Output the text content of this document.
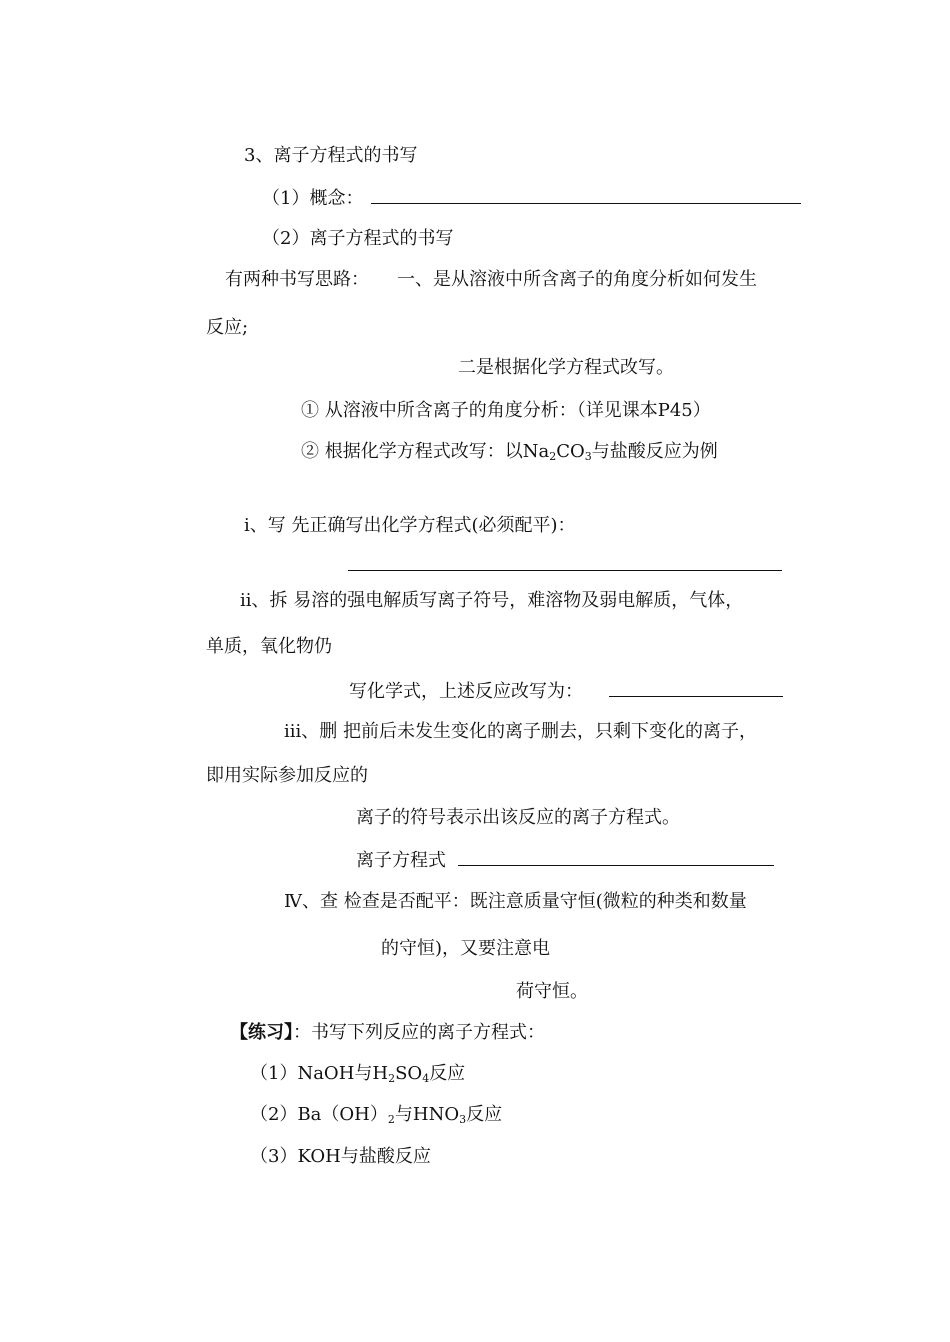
3、离子方程式的书写
（1）概念：
（2）离子方程式的书写
有两种书写思路： 一、是从溶液中所含离子的角度分析如何发生
反应;
二是根据化学方程式改写。
① 从溶液中所含离子的角度分析：（详见课本P45）
② 根据化学方程式改写：以$Na_2CO_3$与盐酸反应为例
i、写 先正确写出化学方程式(必须配平)：
ii、拆 易溶的强电解质写离子符号，难溶物及弱电解质，气体，
单质，氧化物仍
写化学式，上述反应改写为：
iii、删 把前后未发生变化的离子删去，只剩下变化的离子，
即用实际参加反应的
离子的符号表示出该反应的离子方程式。
离子方程式
Ⅳ、查 检查是否配平：既注意质量守恒(微粒的种类和数量
的守恒)，又要注意电
荷守恒。
【练习】：书写下列反应的离子方程式：
（1）NaOH与$H_2SO_4$反应
$(2)Ba(OH)_2$与$HNO_3$反应
（3）KOH与盐酸反应
